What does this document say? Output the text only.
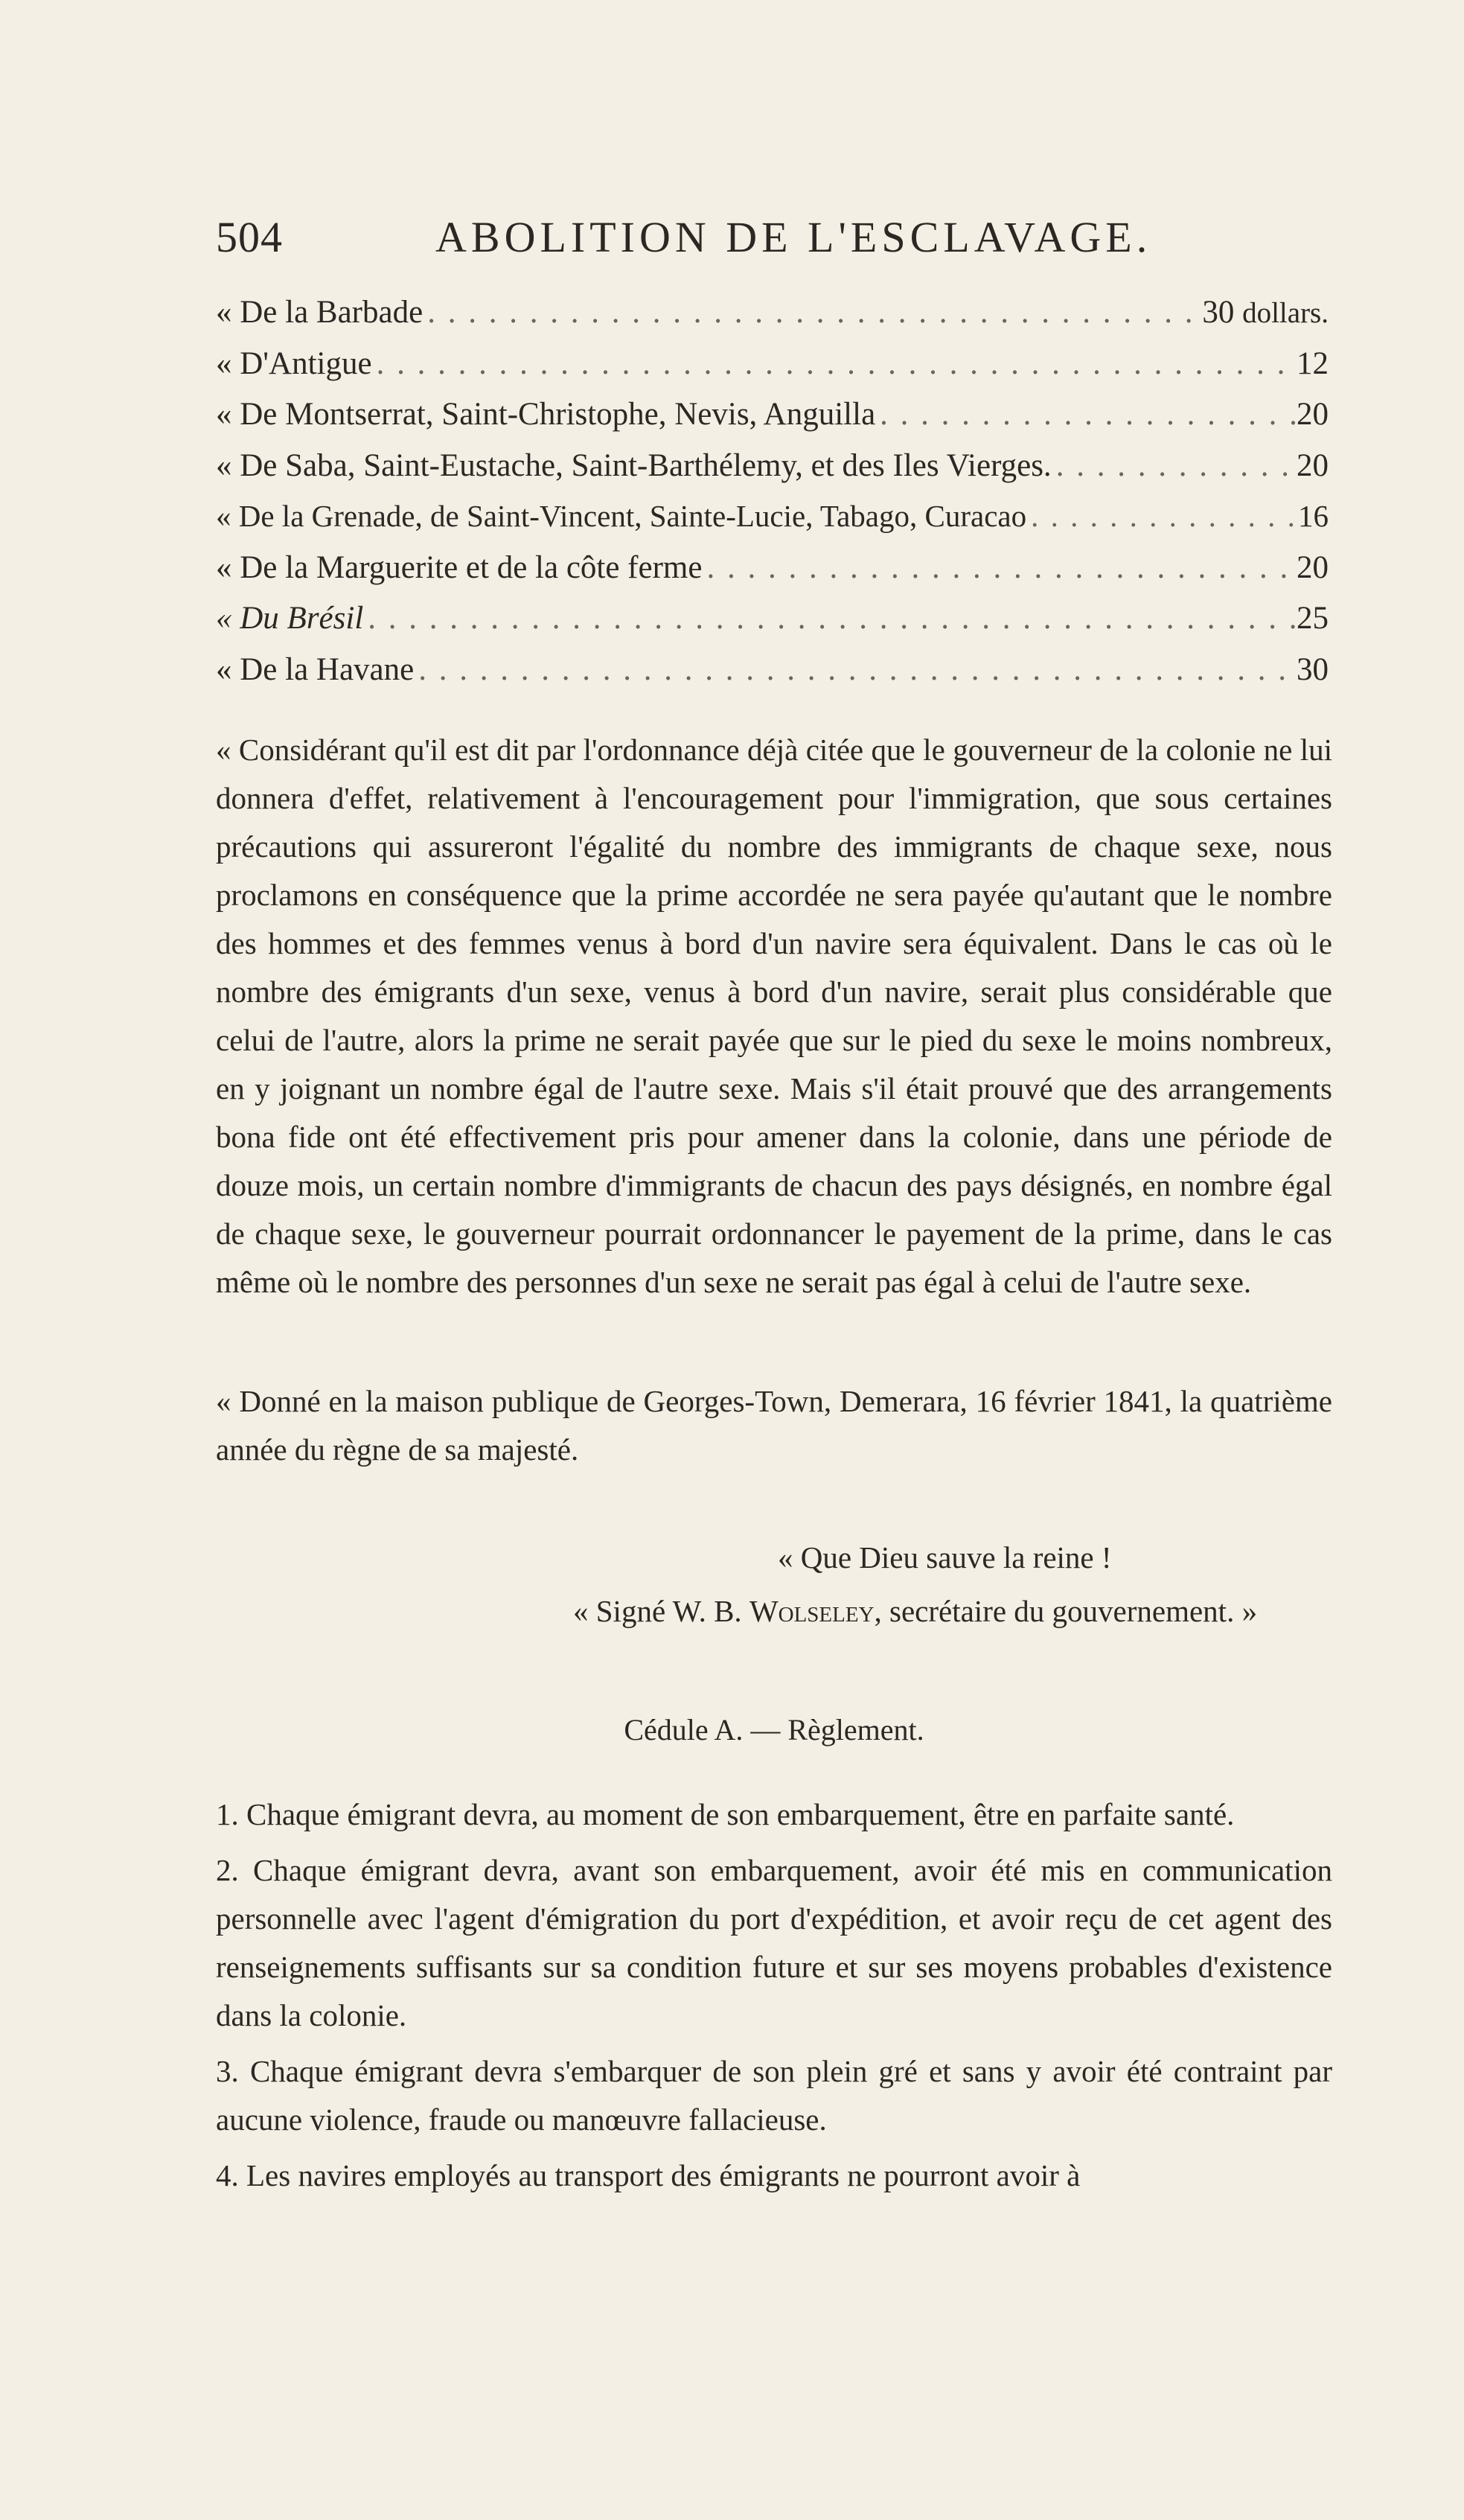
504	ABOLITION DE L'ESCLAVAGE.
« De la Barbade . . .	30 dollars.
« D'Antigue . . .	12
« De Montserrat, Saint-Christophe, Nevis, Anguilla . . .	20
« De Saba, Saint-Eustache, Saint-Barthélemy, et des Iles Vierges. . . .	20
« De la Grenade, de Saint-Vincent, Sainte-Lucie, Tabago, Curacao . . .	16
« De la Marguerite et de la côte ferme . . .	20
« Du Brésil . . .	25
« De la Havane . . .	30

« Considérant qu'il est dit par l'ordonnance déjà citée que le gouverneur de la colonie ne lui donnera d'effet, relativement à l'encouragement pour l'immigration, que sous certaines précautions qui assureront l'égalité du nombre des immigrants de chaque sexe, nous proclamons en conséquence que la prime accordée ne sera payée qu'autant que le nombre des hommes et des femmes venus à bord d'un navire sera équivalent. Dans le cas où le nombre des émigrants d'un sexe, venus à bord d'un navire, serait plus considérable que celui de l'autre, alors la prime ne serait payée que sur le pied du sexe le moins nombreux, en y joignant un nombre égal de l'autre sexe. Mais s'il était prouvé que des arrangements bona fide ont été effectivement pris pour amener dans la colonie, dans une période de douze mois, un certain nombre d'immigrants de chacun des pays désignés, en nombre égal de chaque sexe, le gouverneur pourrait ordonnancer le payement de la prime, dans le cas même où le nombre des personnes d'un sexe ne serait pas égal à celui de l'autre sexe.

« Donné en la maison publique de Georges-Town, Demerara, 16 février 1841, la quatrième année du règne de sa majesté.

« Que Dieu sauve la reine !
« Signé W. B. Wolseley, secrétaire du gouvernement. »
Cédule A. — Règlement.

1. Chaque émigrant devra, au moment de son embarquement, être en parfaite santé.

2. Chaque émigrant devra, avant son embarquement, avoir été mis en communication personnelle avec l'agent d'émigration du port d'expédition, et avoir reçu de cet agent des renseignements suffisants sur sa condition future et sur ses moyens probables d'existence dans la colonie.

3. Chaque émigrant devra s'embarquer de son plein gré et sans y avoir été contraint par aucune violence, fraude ou manœuvre fallacieuse.

4. Les navires employés au transport des émigrants ne pourront avoir à
